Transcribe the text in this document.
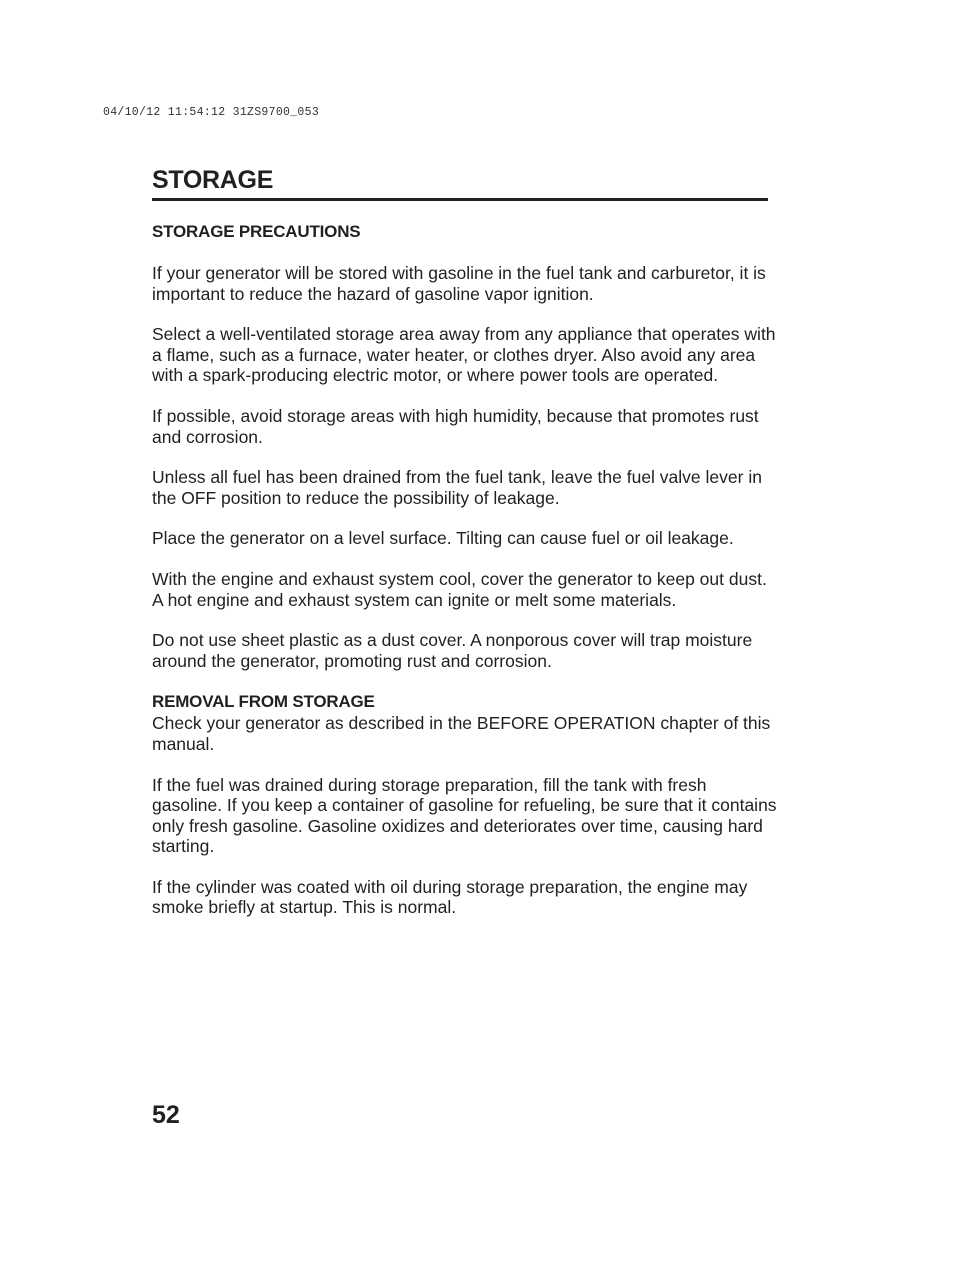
04/10/12 11:54:12 31ZS9700_053
STORAGE
STORAGE PRECAUTIONS

If your generator will be stored with gasoline in the fuel tank and carburetor, it is important to reduce the hazard of gasoline vapor ignition.

Select a well-ventilated storage area away from any appliance that operates with a flame, such as a furnace, water heater, or clothes dryer. Also avoid any area with a spark-producing electric motor, or where power tools are operated.

If possible, avoid storage areas with high humidity, because that promotes rust and corrosion.

Unless all fuel has been drained from the fuel tank, leave the fuel valve lever in the OFF position to reduce the possibility of leakage.

Place the generator on a level surface. Tilting can cause fuel or oil leakage.

With the engine and exhaust system cool, cover the generator to keep out dust. A hot engine and exhaust system can ignite or melt some materials.

Do not use sheet plastic as a dust cover. A nonporous cover will trap moisture around the generator, promoting rust and corrosion.

REMOVAL FROM STORAGE

Check your generator as described in the BEFORE OPERATION chapter of this manual.

If the fuel was drained during storage preparation, fill the tank with fresh gasoline. If you keep a container of gasoline for refueling, be sure that it contains only fresh gasoline. Gasoline oxidizes and deteriorates over time, causing hard starting.

If the cylinder was coated with oil during storage preparation, the engine may smoke briefly at startup. This is normal.

52
